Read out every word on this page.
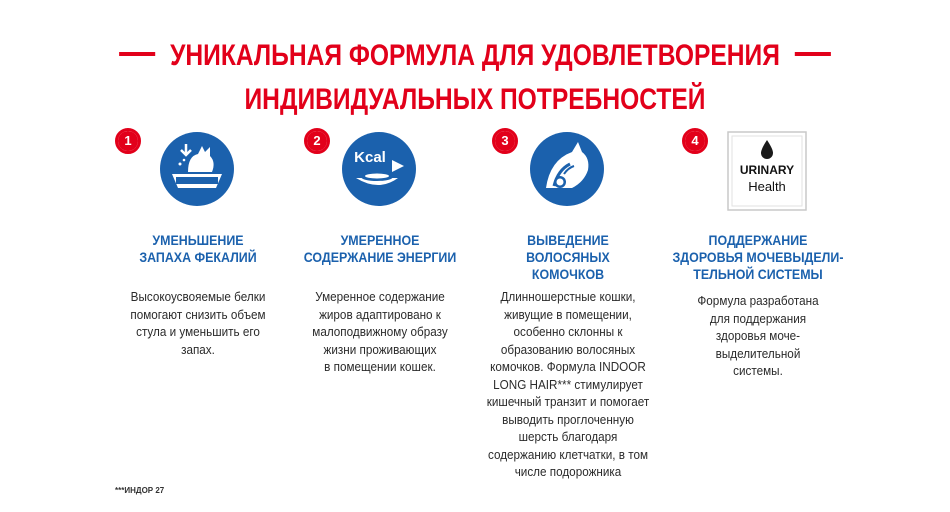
УНИКАЛЬНАЯ ФОРМУЛА ДЛЯ УДОВЛЕТВОРЕНИЯ
ИНДИВИДУАЛЬНЫХ ПОТРЕБНОСТЕЙ
1
УМЕНЬШЕНИЕ
ЗАПАХА ФЕКАЛИЙ
Высокоусвояемые белки
помогают снизить объем
стула и уменьшить его
запах.
2
Kcal
УМЕРЕННОЕ
СОДЕРЖАНИЕ ЭНЕРГИИ
Умеренное содержание
жиров адаптировано к
малоподвижному образу
жизни проживающих
в помещении кошек.
3
ВЫВЕДЕНИЕ
ВОЛОСЯНЫХ
КОМОЧКОВ
Длинношерстные кошки,
живущие в помещении,
особенно склонны к
образованию волосяных
комочков. Формула INDOOR
LONG HAIR*** стимулирует
кишечный транзит и помогает
выводить проглоченную
шерсть благодаря
содержанию клетчатки, в том
числе подорожника
4
URINARY
Health
ПОДДЕРЖАНИЕ
ЗДОРОВЬЯ МОЧЕВЫДЕЛИ-
ТЕЛЬНОЙ СИСТЕМЫ
Формула разработана
для поддержания
здоровья моче-
выделительной
системы.
***ИНДОР 27
